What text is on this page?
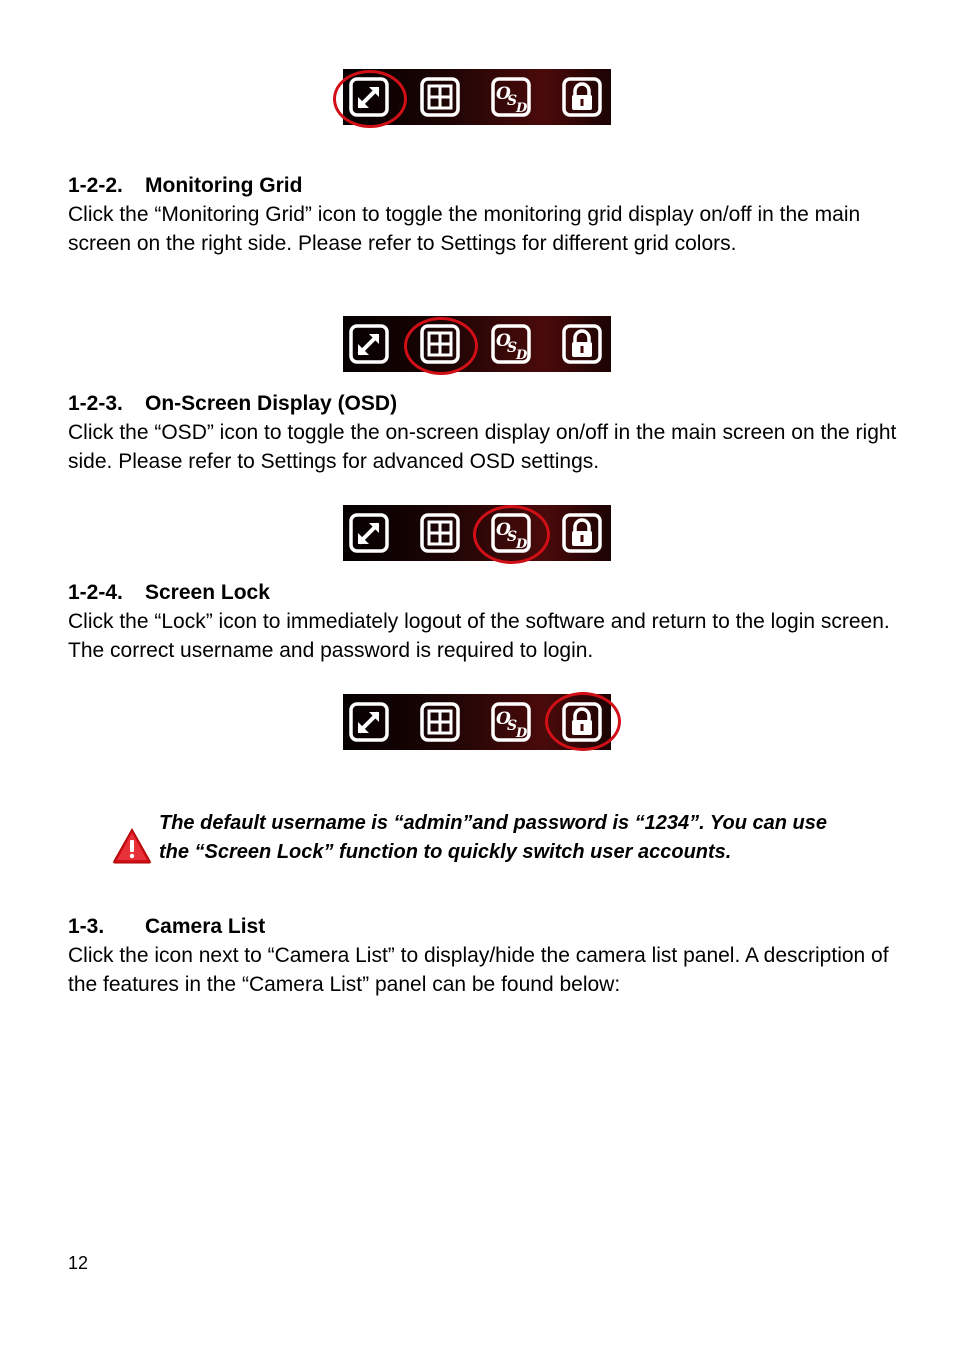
O
S
D
1-2-2. Monitoring Grid
Click the “Monitoring Grid” icon to toggle the monitoring grid display on/off in the main screen on the right side. Please refer to Settings for different grid colors.
O
S
D
1-2-3. On-Screen Display (OSD)
Click the “OSD” icon to toggle the on-screen display on/off in the main screen on the right side. Please refer to Settings for advanced OSD settings.
O
S
D
1-2-4. Screen Lock
Click the “Lock” icon to immediately logout of the software and return to the login screen. The correct username and password is required to login.
O
S
D
The default username is “admin”and password is “1234”. You can use the “Screen Lock” function to quickly switch user accounts.
1-3. Camera List
Click the icon next to “Camera List” to display/hide the camera list panel. A description of the features in the “Camera List” panel can be found below:
12
